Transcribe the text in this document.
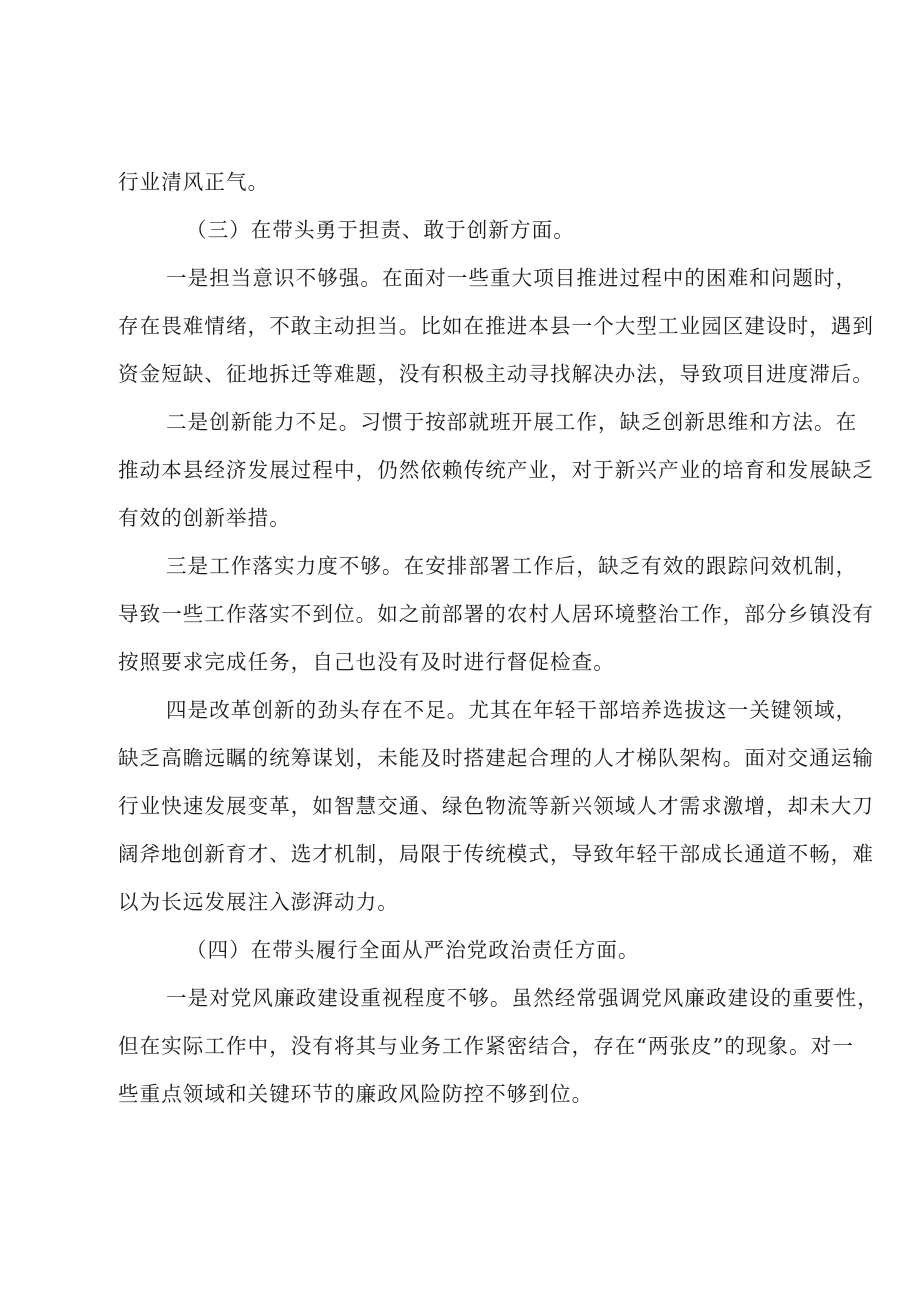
行业清风正气。
（三）在带头勇于担责、敢于创新方面。
一是担当意识不够强。在面对一些重大项目推进过程中的困难和问题时，
存在畏难情绪，不敢主动担当。比如在推进本县一个大型工业园区建设时，遇到
资金短缺、征地拆迁等难题，没有积极主动寻找解决办法，导致项目进度滞后。
二是创新能力不足。习惯于按部就班开展工作，缺乏创新思维和方法。在
推动本县经济发展过程中，仍然依赖传统产业，对于新兴产业的培育和发展缺乏
有效的创新举措。
三是工作落实力度不够。在安排部署工作后，缺乏有效的跟踪问效机制，
导致一些工作落实不到位。如之前部署的农村人居环境整治工作，部分乡镇没有
按照要求完成任务，自己也没有及时进行督促检查。
四是改革创新的劲头存在不足。尤其在年轻干部培养选拔这一关键领域，
缺乏高瞻远瞩的统筹谋划，未能及时搭建起合理的人才梯队架构。面对交通运输
行业快速发展变革，如智慧交通、绿色物流等新兴领域人才需求激增，却未大刀
阔斧地创新育才、选才机制，局限于传统模式，导致年轻干部成长通道不畅，难
以为长远发展注入澎湃动力。
（四）在带头履行全面从严治党政治责任方面。
一是对党风廉政建设重视程度不够。虽然经常强调党风廉政建设的重要性，
但在实际工作中，没有将其与业务工作紧密结合，存在“两张皮”的现象。对一
些重点领域和关键环节的廉政风险防控不够到位。
